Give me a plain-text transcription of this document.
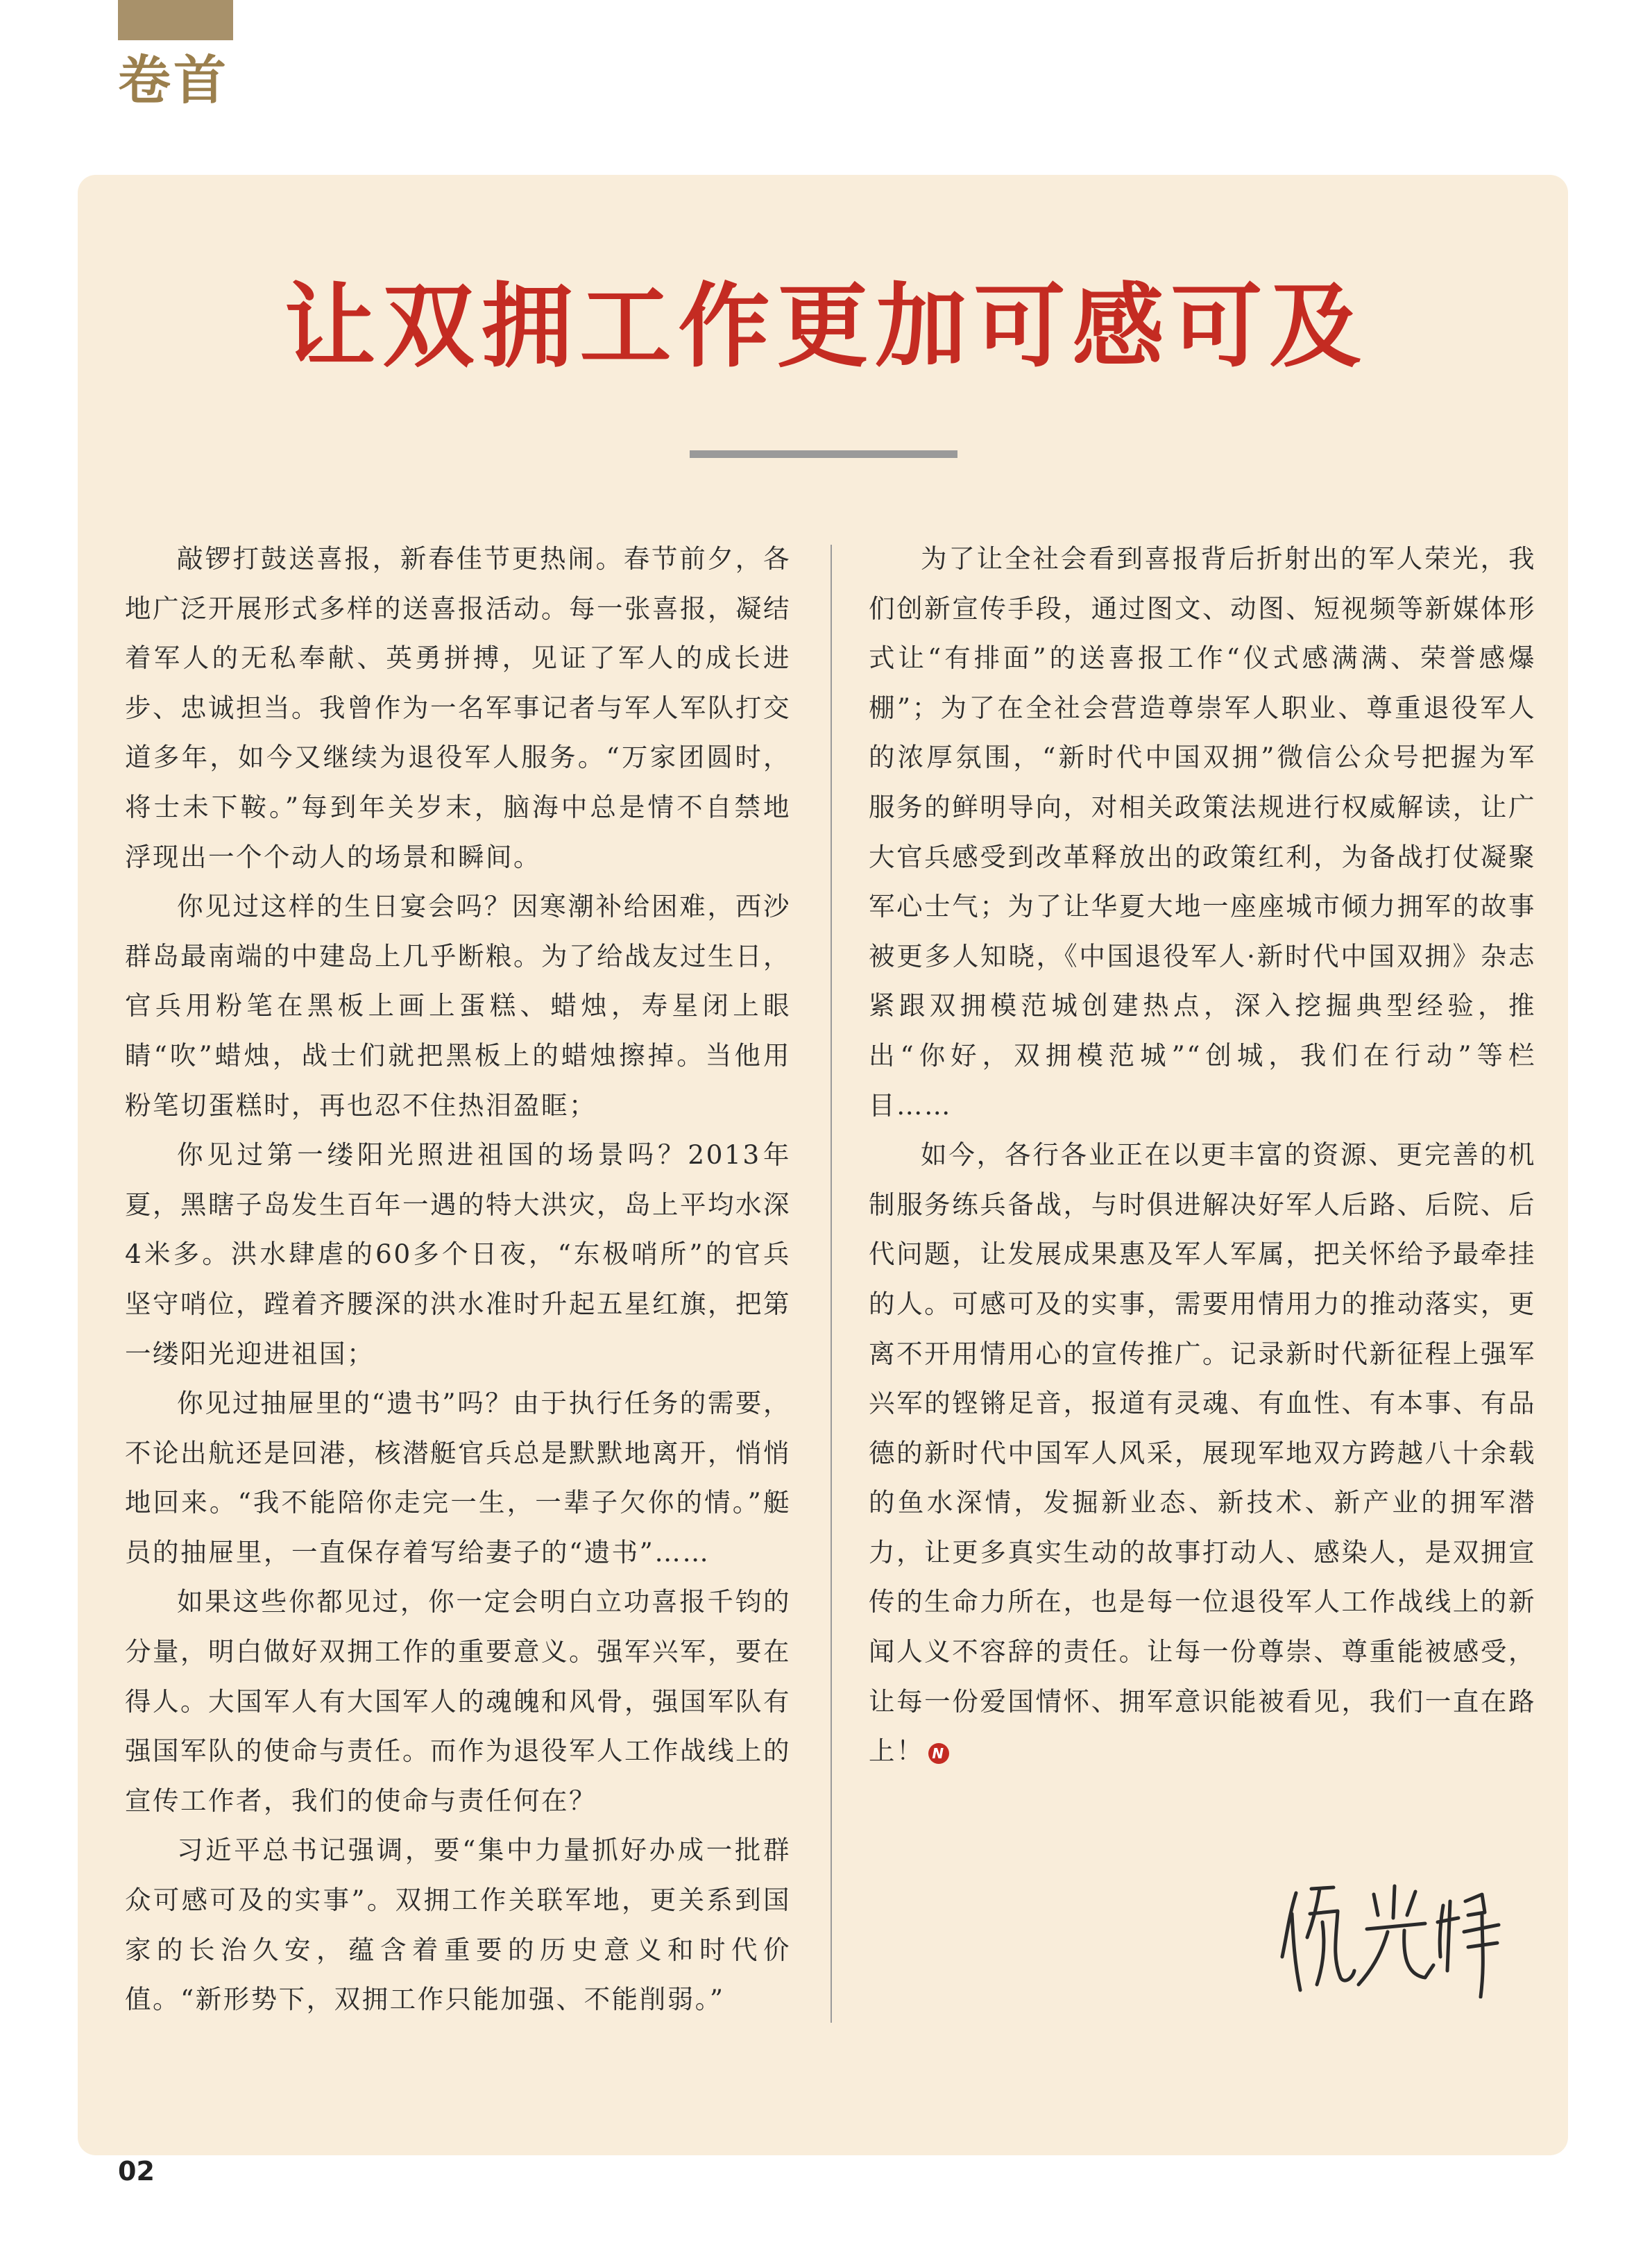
卷首
让双拥工作更加可感可及

敲锣打鼓送喜报，新春佳节更热闹。春节前夕，各地广泛开展形式多样的送喜报活动。每一张喜报，凝结着军人的无私奉献、英勇拼搏，见证了军人的成长进步、忠诚担当。我曾作为一名军事记者与军人军队打交道多年，如今又继续为退役军人服务。“万家团圆时，将士未下鞍。”每到年关岁末，脑海中总是情不自禁地浮现出一个个动人的场景和瞬间。

你见过这样的生日宴会吗？因寒潮补给困难，西沙群岛最南端的中建岛上几乎断粮。为了给战友过生日，官兵用粉笔在黑板上画上蛋糕、蜡烛，寿星闭上眼睛“吹”蜡烛，战士们就把黑板上的蜡烛擦掉。当他用粉笔切蛋糕时，再也忍不住热泪盈眶；

你见过第一缕阳光照进祖国的场景吗？2013年夏，黑瞎子岛发生百年一遇的特大洪灾，岛上平均水深4米多。洪水肆虐的60多个日夜，“东极哨所”的官兵坚守哨位，蹚着齐腰深的洪水准时升起五星红旗，把第一缕阳光迎进祖国；

你见过抽屉里的“遗书”吗？由于执行任务的需要，不论出航还是回港，核潜艇官兵总是默默地离开，悄悄地回来。“我不能陪你走完一生，一辈子欠你的情。”艇员的抽屉里，一直保存着写给妻子的“遗书”……

如果这些你都见过，你一定会明白立功喜报千钧的分量，明白做好双拥工作的重要意义。强军兴军，要在得人。大国军人有大国军人的魂魄和风骨，强国军队有强国军队的使命与责任。而作为退役军人工作战线上的宣传工作者，我们的使命与责任何在？

习近平总书记强调，要“集中力量抓好办成一批群众可感可及的实事”。双拥工作关联军地，更关系到国家的长治久安，蕴含着重要的历史意义和时代价值。“新形势下，双拥工作只能加强、不能削弱。”

为了让全社会看到喜报背后折射出的军人荣光，我们创新宣传手段，通过图文、动图、短视频等新媒体形式让“有排面”的送喜报工作“仪式感满满、荣誉感爆棚”；为了在全社会营造尊崇军人职业、尊重退役军人的浓厚氛围，“新时代中国双拥”微信公众号把握为军服务的鲜明导向，对相关政策法规进行权威解读，让广大官兵感受到改革释放出的政策红利，为备战打仗凝聚军心士气；为了让华夏大地一座座城市倾力拥军的故事被更多人知晓，《中国退役军人·新时代中国双拥》杂志紧跟双拥模范城创建热点，深入挖掘典型经验，推出“你好，双拥模范城”“创城，我们在行动”等栏目……

如今，各行各业正在以更丰富的资源、更完善的机制服务练兵备战，与时俱进解决好军人后路、后院、后代问题，让发展成果惠及军人军属，把关怀给予最牵挂的人。可感可及的实事，需要用情用力的推动落实，更离不开用情用心的宣传推广。记录新时代新征程上强军兴军的铿锵足音，报道有灵魂、有血性、有本事、有品德的新时代中国军人风采，展现军地双方跨越八十余载的鱼水深情，发掘新业态、新技术、新产业的拥军潜力，让更多真实生动的故事打动人、感染人，是双拥宣传的生命力所在，也是每一位退役军人工作战线上的新闻人义不容辞的责任。让每一份尊崇、尊重能被感受，让每一份爱国情怀、拥军意识能被看见，我们一直在路上！ N

02
